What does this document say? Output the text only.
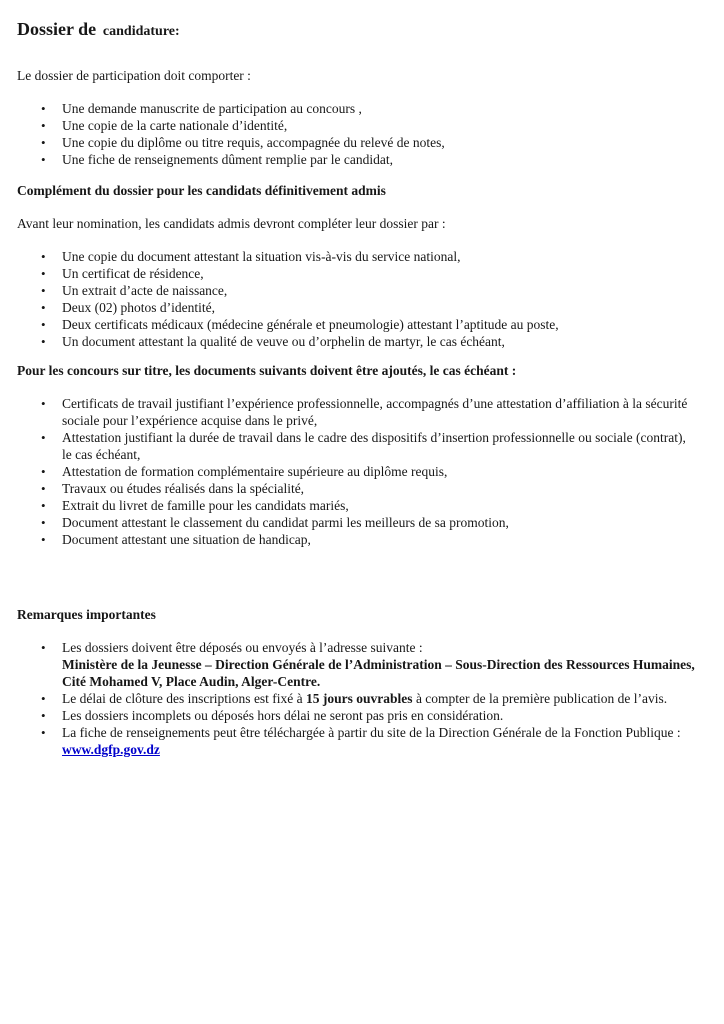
Dossier de candidature:

Le dossier de participation doit comporter :

• Une demande manuscrite de participation au concours ,
• Une copie de la carte nationale d’identité,
• Une copie du diplôme ou titre requis, accompagnée du relevé de notes,
• Une fiche de renseignements dûment remplie par le candidat,
Complément du dossier pour les candidats définitivement admis

Avant leur nomination, les candidats admis devront compléter leur dossier par :

• Une copie du document attestant la situation vis-à-vis du service national,
• Un certificat de résidence,
• Un extrait d’acte de naissance,
• Deux (02) photos d’identité,
• Deux certificats médicaux (médecine générale et pneumologie) attestant l’aptitude au poste,
• Un document attestant la qualité de veuve ou d’orphelin de martyr, le cas échéant,
Pour les concours sur titre, les documents suivants doivent être ajoutés, le cas échéant :
• Certificats de travail justifiant l’expérience professionnelle, accompagnés d’une attestation d’affiliation à la sécurité sociale pour l’expérience acquise dans le privé,
• Attestation justifiant la durée de travail dans le cadre des dispositifs d’insertion professionnelle ou sociale (contrat), le cas échéant,
• Attestation de formation complémentaire supérieure au diplôme requis,
• Travaux ou études réalisés dans la spécialité,
• Extrait du livret de famille pour les candidats mariés,
• Document attestant le classement du candidat parmi les meilleurs de sa promotion,
• Document attestant une situation de handicap,
Remarques importantes
• Les dossiers doivent être déposés ou envoyés à l’adresse suivante :
Ministère de la Jeunesse – Direction Générale de l’Administration – Sous-Direction des Ressources Humaines,
Cité Mohamed V, Place Audin, Alger-Centre.
• Le délai de clôture des inscriptions est fixé à 15 jours ouvrables à compter de la première publication de l’avis.
• Les dossiers incomplets ou déposés hors délai ne seront pas pris en considération.
• La fiche de renseignements peut être téléchargée à partir du site de la Direction Générale de la Fonction Publique :
www.dgfp.gov.dz
